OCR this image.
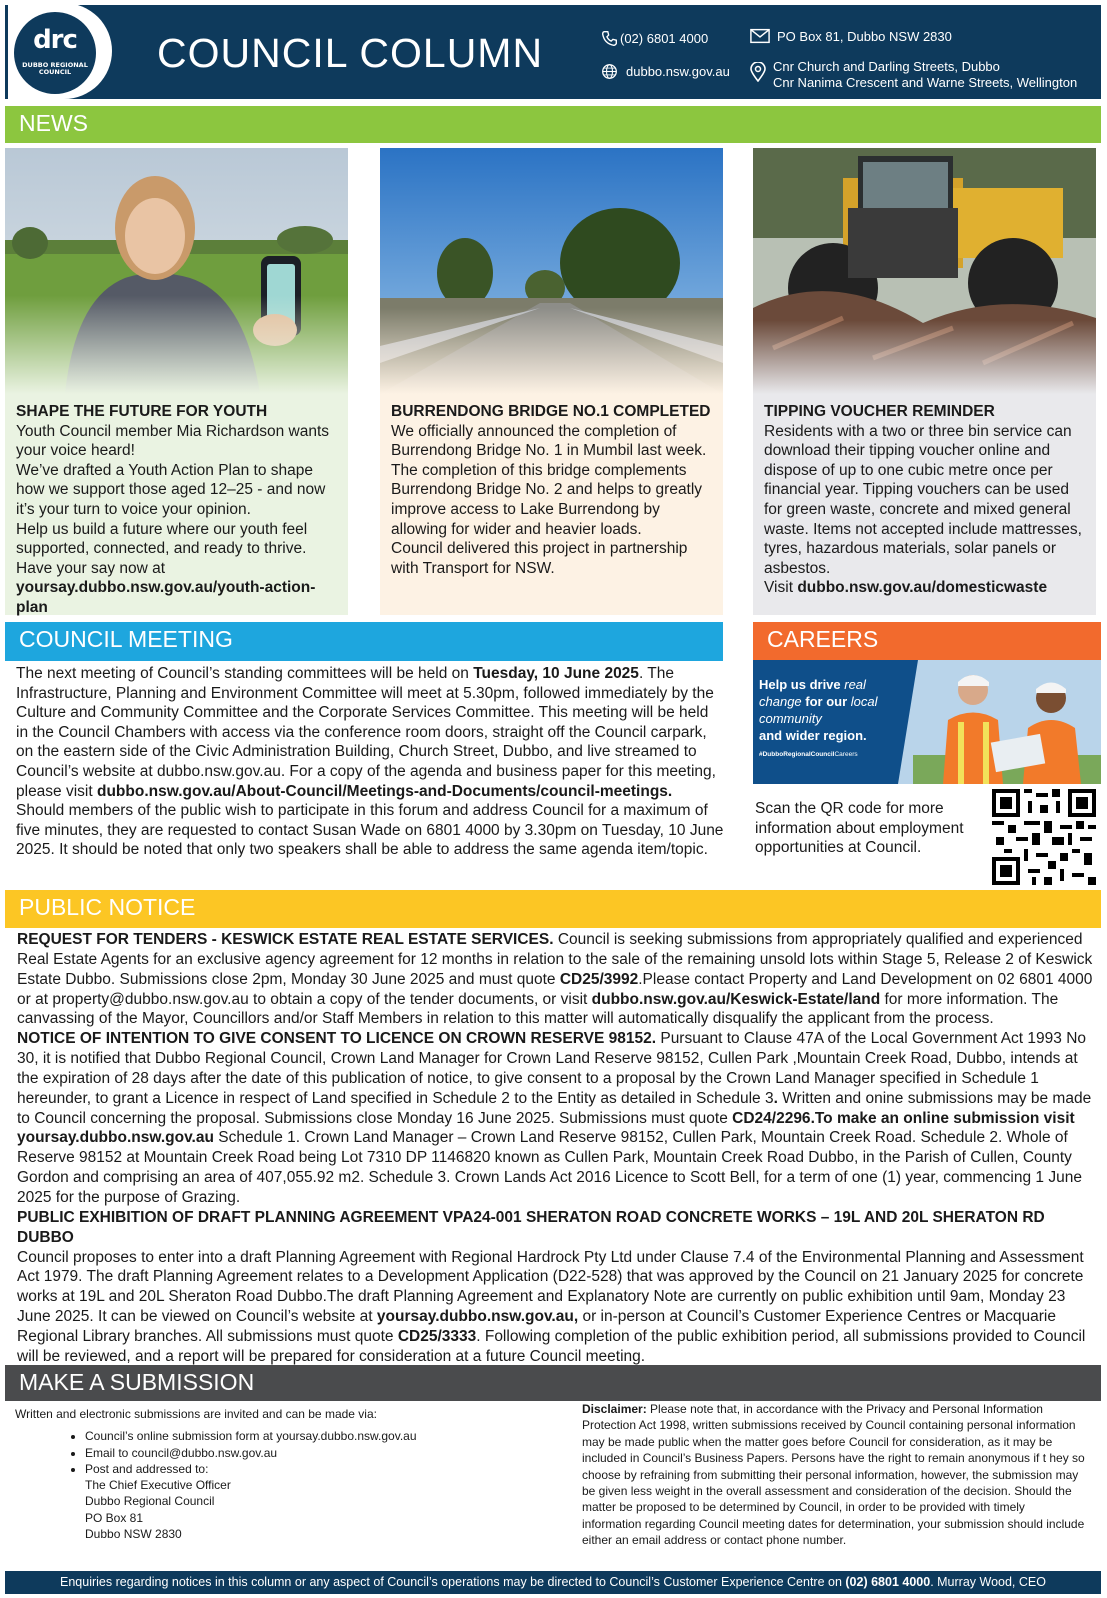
drc
DUBBO REGIONAL
COUNCIL	COUNCIL COLUMN	(02) 6801 4000
dubbo.nsw.gov.au
PO Box 81, Dubbo NSW 2830
Cnr Church and Darling Streets, Dubbo
Cnr Nanima Crescent and Warne Streets, Wellington
NEWS
SHAPE THE FUTURE FOR YOUTH
Youth Council member Mia Richardson wants your voice heard!
We’ve drafted a Youth Action Plan to shape how we support those aged 12–25 - and now it’s your turn to voice your opinion.
Help us build a future where our youth feel supported, connected, and ready to thrive.
Have your say now at yoursay.dubbo.nsw.gov.au/youth-action-plan
BURRENDONG BRIDGE NO.1 COMPLETED
We officially announced the completion of Burrendong Bridge No. 1 in Mumbil last week. The completion of this bridge complements Burrendong Bridge No. 2 and helps to greatly improve access to Lake Burrendong by allowing for wider and heavier loads.
Council delivered this project in partnership with Transport for NSW.
TIPPING VOUCHER REMINDER
Residents with a two or three bin service can download their tipping voucher online and dispose of up to one cubic metre once per financial year. Tipping vouchers can be used for green waste, concrete and mixed general waste. Items not accepted include mattresses, tyres, hazardous materials, solar panels or asbestos.
Visit dubbo.nsw.gov.au/domesticwaste
COUNCIL MEETING
The next meeting of Council’s standing committees will be held on Tuesday, 10 June 2025. The Infrastructure, Planning and Environment Committee will meet at 5.30pm, followed immediately by the Culture and Community Committee and the Corporate Services Committee. This meeting will be held in the Council Chambers with access via the conference room doors, straight off the Council carpark, on the eastern side of the Civic Administration Building, Church Street, Dubbo, and live streamed to Council’s website at dubbo.nsw.gov.au. For a copy of the agenda and business paper for this meeting, please visit dubbo.nsw.gov.au/About-Council/Meetings-and-Documents/council-meetings. Should members of the public wish to participate in this forum and address Council for a maximum of five minutes, they are requested to contact Susan Wade on 6801 4000 by 3.30pm on Tuesday, 10 June 2025. It should be noted that only two speakers shall be able to address the same agenda item/topic.
CAREERS
Help us drive real change for our local community
and wider region.
#DubboRegionalCouncilCareers
Scan the QR code for more information about employment opportunities at Council.
PUBLIC NOTICE
REQUEST FOR TENDERS - KESWICK ESTATE REAL ESTATE SERVICES. Council is seeking submissions from appropriately qualified and experienced Real Estate Agents for an exclusive agency agreement for 12 months in relation to the sale of the remaining unsold lots within Stage 5, Release 2 of Keswick Estate Dubbo. Submissions close 2pm, Monday 30 June 2025 and must quote CD25/3992.Please contact Property and Land Development on 02 6801 4000 or at property@dubbo.nsw.gov.au to obtain a copy of the tender documents, or visit dubbo.nsw.gov.au/Keswick-Estate/land for more information. The canvassing of the Mayor, Councillors and/or Staff Members in relation to this matter will automatically disqualify the applicant from the process.
NOTICE OF INTENTION TO GIVE CONSENT TO LICENCE ON CROWN RESERVE 98152. Pursuant to Clause 47A of the Local Government Act 1993 No 30, it is notified that Dubbo Regional Council, Crown Land Manager for Crown Land Reserve 98152, Cullen Park ,Mountain Creek Road, Dubbo, intends at the expiration of 28 days after the date of this publication of notice, to give consent to a proposal by the Crown Land Manager specified in Schedule 1 hereunder, to grant a Licence in respect of Land specified in Schedule 2 to the Entity as detailed in Schedule 3. Written and onine submissions may be made to Council concerning the proposal. Submissions close Monday 16 June 2025. Submissions must quote CD24/2296.To make an online submission visit yoursay.dubbo.nsw.gov.au Schedule 1. Crown Land Manager – Crown Land Reserve 98152, Cullen Park, Mountain Creek Road. Schedule 2. Whole of Reserve 98152 at Mountain Creek Road being Lot 7310 DP 1146820 known as Cullen Park, Mountain Creek Road Dubbo, in the Parish of Cullen, County Gordon and comprising an area of 407,055.92 m2. Schedule 3. Crown Lands Act 2016 Licence to Scott Bell, for a term of one (1) year, commencing 1 June 2025 for the purpose of Grazing.
PUBLIC EXHIBITION OF DRAFT PLANNING AGREEMENT VPA24-001 SHERATON ROAD CONCRETE WORKS – 19L AND 20L SHERATON RD DUBBO
Council proposes to enter into a draft Planning Agreement with Regional Hardrock Pty Ltd under Clause 7.4 of the Environmental Planning and Assessment Act 1979. The draft Planning Agreement relates to a Development Application (D22-528) that was approved by the Council on 21 January 2025 for concrete works at 19L and 20L Sheraton Road Dubbo.The draft Planning Agreement and Explanatory Note are currently on public exhibition until 9am, Monday 23 June 2025. It can be viewed on Council’s website at yoursay.dubbo.nsw.gov.au, or in-person at Council’s Customer Experience Centres or Macquarie Regional Library branches. All submissions must quote CD25/3333. Following completion of the public exhibition period, all submissions provided to Council will be reviewed, and a report will be prepared for consideration at a future Council meeting.
MAKE A SUBMISSION
Written and electronic submissions are invited and can be made via:
• Council’s online submission form at yoursay.dubbo.nsw.gov.au
• Email to council@dubbo.nsw.gov.au
• Post and addressed to:
The Chief Executive Officer
Dubbo Regional Council
PO Box 81
Dubbo NSW 2830
Disclaimer: Please note that, in accordance with the Privacy and Personal Information Protection Act 1998, written submissions received by Council containing personal information may be made public when the matter goes before Council for consideration, as it may be included in Council’s Business Papers. Persons have the right to remain anonymous if t hey so choose by refraining from submitting their personal information, however, the submission may be given less weight in the overall assessment and consideration of the decision. Should the matter be proposed to be determined by Council, in order to be provided with timely information regarding Council meeting dates for determination, your submission should include either an email address or contact phone number.
Enquiries regarding notices in this column or any aspect of Council’s operations may be directed to Council’s Customer Experience Centre on (02) 6801 4000. Murray Wood, CEO
